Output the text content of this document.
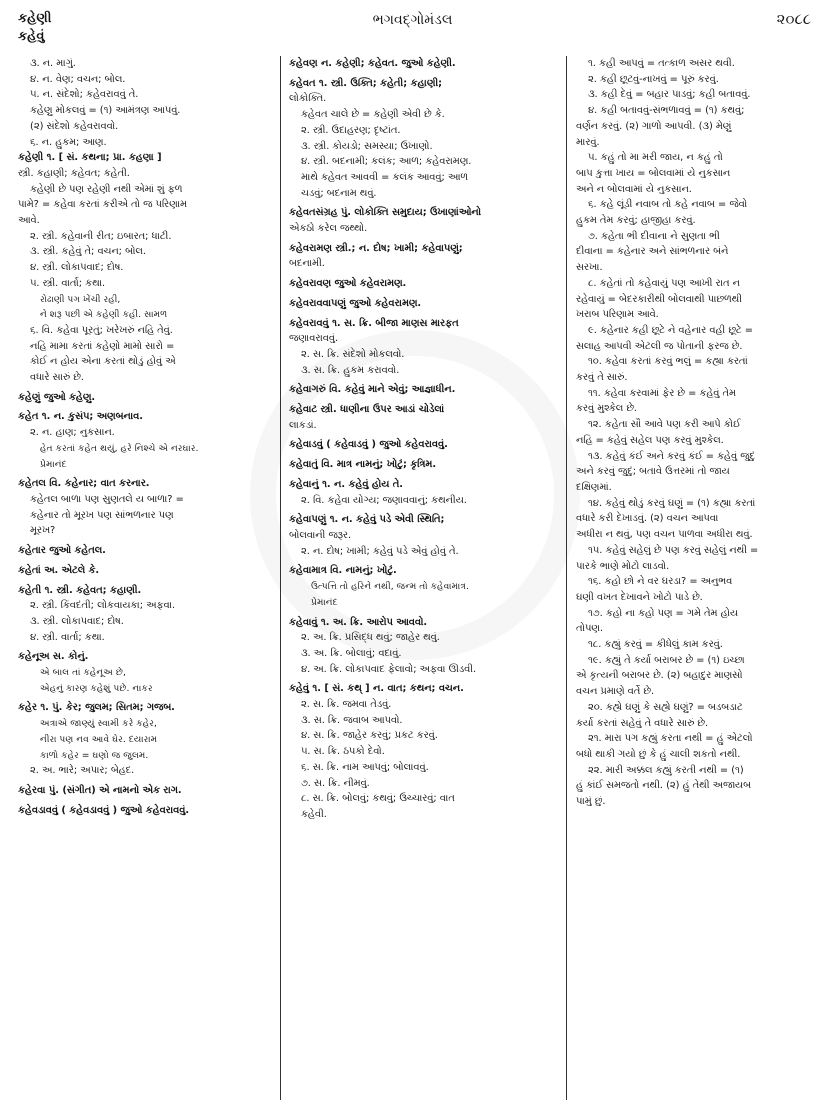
કહેણી
કહેવું
ભગવદ્ગોમંડલ	૨૦૮૮
૩. ન. માગું.
૪. ન. વેણ; વચન; બોલ.
૫. ન. સંદેશો; કહેવરાવવું તે.
કહેણુ મોકલવું = (૧) આમંત્રણ આપવું.
(૨) સંદેશો કહેવરાવવો.
૬. ન. હુકમ; આણ.
કહેણી ૧. [ સં. કથના; પ્રા. કહણા ]
સ્ત્રી. કહાણી; કહેવત; કહેતી.
કહેણી છે પણ રહેણી નથી એમાં શું ફળ
પામે? = કહેવા કરતાં કરીએ તો જ પરિણામ
આવે.
૨. સ્ત્રી. કહેવાની રીત; ઇબારત; ધાટી.
૩. સ્ત્રી. કહેવું તે; વચન; બોલ.
૪. સ્ત્રી. લોકાપવાદ; દોષ.
૫. સ્ત્રી. વાર્તા; કથા.
રોઢાણી પગ ખેંચી રહી,
ને શરૂ પછી એ કહેણી કહી. સામળ
૬. વિ. કહેવા પૂરતું; ખરેખરું નહિ તેવું.
નહિ મામા કરતાં કહેણો મામો સારો =
કોઈ ન હોય એના કરતાં થોડું હોવું એ
વધારે સારું છે.
કહેણું જુઓ કહેણુ.
કહેત ૧. ન. કુસંપ; અણબનાવ.
૨. ન. હાણ; નુકસાન.
હેત કરતાં કહેત થયું, હરે નિશ્ચે એ નરઘાર.
પ્રેમાનંદ
કહેતલ વિ. કહેનાર; વાત કરનાર.
કહેતલ બાળા પણ સુણતલે ય બાળા? =
કહેનાર તો મૂરખ પણ સાંભળનાર પણ
મૂરખ?
કહેતાર જુઓ કહેતલ.
કહેતાં અ. એટલે કે.
કહેતી ૧. સ્ત્રી. કહેવત; કહાણી.
૨. સ્ત્રી. કિંવદંતી; લોકવાયકા; અફવા.
૩. સ્ત્રી. લોકાપવાદ; દોષ.
૪. સ્ત્રી. વાર્તા; કથા.
કહેનૂઅ સ. કોનું.
એ બાલ તાં કહેનૂઅ છે,
એહનું કારણ કહેશું પછે. નાકર
કહેર ૧. પું. કેર; જુલમ; સિતમ; ગજબ.
અત્રાએ જાણ્યું સ્વામી કરે કહેર,
નીરા પણ નવ આવે ઘેર. દયારામ
કાળો કહેર = ઘણો જ જુલમ.
૨. અ. ભારે; અપાર; બેહદ.
કહેરવા પું. (સંગીત) એ નામનો એક રાગ.
કહેવડાવવું ( કહેવડાવવું ) જુઓ કહેવરાવવું.
કહેવણ ન. કહેણી; કહેવત. જુઓ કહેણી.
કહેવત ૧. સ્ત્રી. ઉક્તિ; કહેતી; કહાણી;
લોકોક્તિ.
કહેવત ચાલે છે = કહેણી એવી છે કે.
૨. સ્ત્રી. ઉદાહરણ; દૃષ્ટાંત.
૩. સ્ત્રી. કોયડો; સમસ્યા; ઉખાણો.
૪. સ્ત્રી. બદનામી; કલંક; આળ; કહેવરામણ.
માથે કહેવત આવવી = કલંક આવવું; આળ
ચડવું; બદનામ થવું.
કહેવતસંગ્રહ પું. લોકોક્તિ સમુદાય; ઉખાણાંઓનો
એકઠો કરેલ જથ્થો.
કહેવરામણ સ્ત્રી.; ન. દોષ; ખામી; કહેવાપણું;
બદનામી.
કહેવરાવણ જુઓ કહેવરામણ.
કહેવરાવવાપણું જુઓ કહેવરામણ.
કહેવરાવવું ૧. સ. ક્રિ. બીજા માણસ મારફત
જણાવરાવવું.
૨. સ. ક્રિ. સંદેશો મોકલવો.
૩. સ. ક્રિ. હુકમ કરાવવો.
કહેવાગરું વિ. કહેવું માને એવું; આજ્ઞાધીન.
કહેવાટ સ્ત્રી. ધાણીના ઉપર આડાં ચોડેલાં
લાકડાં.
કહેવાડવું ( કહેવાડવું ) જુઓ કહેવરાવવું.
કહેવાતું વિ. માત્ર નામનું; ખોટું; કૃત્રિમ.
કહેવાનું ૧. ન. કહેવું હોય તે.
૨. વિ. કહેવા યોગ્ય; જણાવવાનું; કથનીય.
કહેવાપણું ૧. ન. કહેવું પડે એવી સ્થિતિ;
બોલવાની જરૂર.
૨. ન. દોષ; ખામી; કહેવું પડે એવું હોવું તે.
કહેવામાત્ર વિ. નામનું; ખોટું.
ઉત્પત્તિ તો હરિને નથી, જન્મ તો કહેવામાત્ર.
પ્રેમાનંદ
કહેવાવું ૧. અ. ક્રિ. આરોપ આવવો.
૨. અ. ક્રિ. પ્રસિદ્ધ થવું; જાહેર થવું.
૩. અ. ક્રિ. બોલાવું; વદાવું.
૪. અ. ક્રિ. લોકાપવાદ ફેલાવો; અફવા ઊડવી.
કહેવું ૧. [ સં. કથ્ ] ન. વાત; કથન; વચન.
૨. સ. ક્રિ. જમવા તેડવું.
૩. સ. ક્રિ. જવાબ આપવો.
૪. સ. ક્રિ. જાહેર કરવું; પ્રકટ કરવું.
૫. સ. ક્રિ. ઠપકો દેવો.
૬. સ. ક્રિ. નામ આપવું; બોલાવવું.
૭. સ. ક્રિ. નીમવું.
૮. સ. ક્રિ. બોલવું; કથવું; ઉચ્ચારવું; વાત
કહેવી.
૧. કહી આપવું = તત્કાળ અસર થવી.
૨. કહી છૂટવું-નાખવું = પૂરું કરવું.
૩. કહી દેવું = બહાર પાડવું; કહી બતાવવું.
૪. કહી બતાવવું-સંભળાવવું = (૧) કથવું;
વર્ણન કરવું. (૨) ગાળો આપવી. (૩) મેણું
મારવું.
૫. કહું તો મા મરી જાય, ન કહું તો
બાપ કુત્તા ખાય = બોલવામાં યે નુકસાન
અને ન બોલવામાં યે નુકસાન.
૬. કહે લૂંડી નવાબ તો કહે નવાબ = જેવો
હુકમ તેમ કરવું; હાજીહા કરવું.
૭. કહેતા ભી દીવાના ને સુણતા ભી
દીવાના = કહેનાર અને સાંભળનાર બંને
સરખા.
૮. કહેતાં તો કહેવાયું પણ આખી રાત ન
રહેવાયું = બેદરકારીથી બોલવાથી પાછળથી
ખરાબ પરિણામ આવે.
૯. કહેનાર કહી છૂટે ને વહેનાર વહી છૂટે =
સલાહ આપવી એટલી જ પોતાની ફરજ છે.
૧૦. કહેવા કરતાં કરવું ભલું = કહ્યા કરતાં
કરવું તે સારું.
૧૧. કહેવા કરવામાં ફેર છે = કહેવું તેમ
કરવું મુશ્કેલ છે.
૧૨. કહેતા સૌ આવે પણ કરી આપે કોઈ
નહિ = કહેવું સહેલ પણ કરવું મુશ્કેલ.
૧૩. કહેવું કંઈ અને કરવું કંઈ = કહેવું જુદું
અને કરવું જુદું; બતાવે ઉત્તરમાં તો જાય
દક્ષિણમાં.
૧૪. કહેવું થોડું કરવું ઘણું = (૧) કહ્યા કરતાં
વધારે કરી દેખાડવું. (૨) વચન આપવા
અધીરા ન થવું, પણ વચન પાળવા અધીરા થવું.
૧૫. કહેવું સહેલું છે પણ કરવું સહેલું નથી =
પારકે ભાણે મોટો લાડવો.
૧૬. કહો છો ને વર ઘરડા? = અનુભવ
ઘણી વખત દેખાવને ખોટો પાડે છે.
૧૭. કહો ના કહો પણ = ગમે તેમ હોય
તોપણ.
૧૮. કહ્યું કરવું = કીધેલું કામ કરવું.
૧૯. કહ્યું તે કર્યા બરાબર છે = (૧) ઇચ્છા
એ કૃત્યની બરાબર છે. (૨) બહાદુર માણસો
વચન પ્રમાણે વર્તે છે.
૨૦. કહ્યે ઘણું કે સહ્યે ઘણું? = બડબડાટ
કર્યા કરતાં સહેવું તે વધારે સારું છે.
૨૧. મારા પગ કહ્યું કરતા નથી = હું એટલો
બધો થાકી ગયો છું કે હું ચાલી શકતો નથી.
૨૨. મારી અક્કલ કહ્યું કરતી નથી = (૧)
હું કાંઈ સમજતો નથી. (૨) હું તેથી અજાયબ
પામું છું.
